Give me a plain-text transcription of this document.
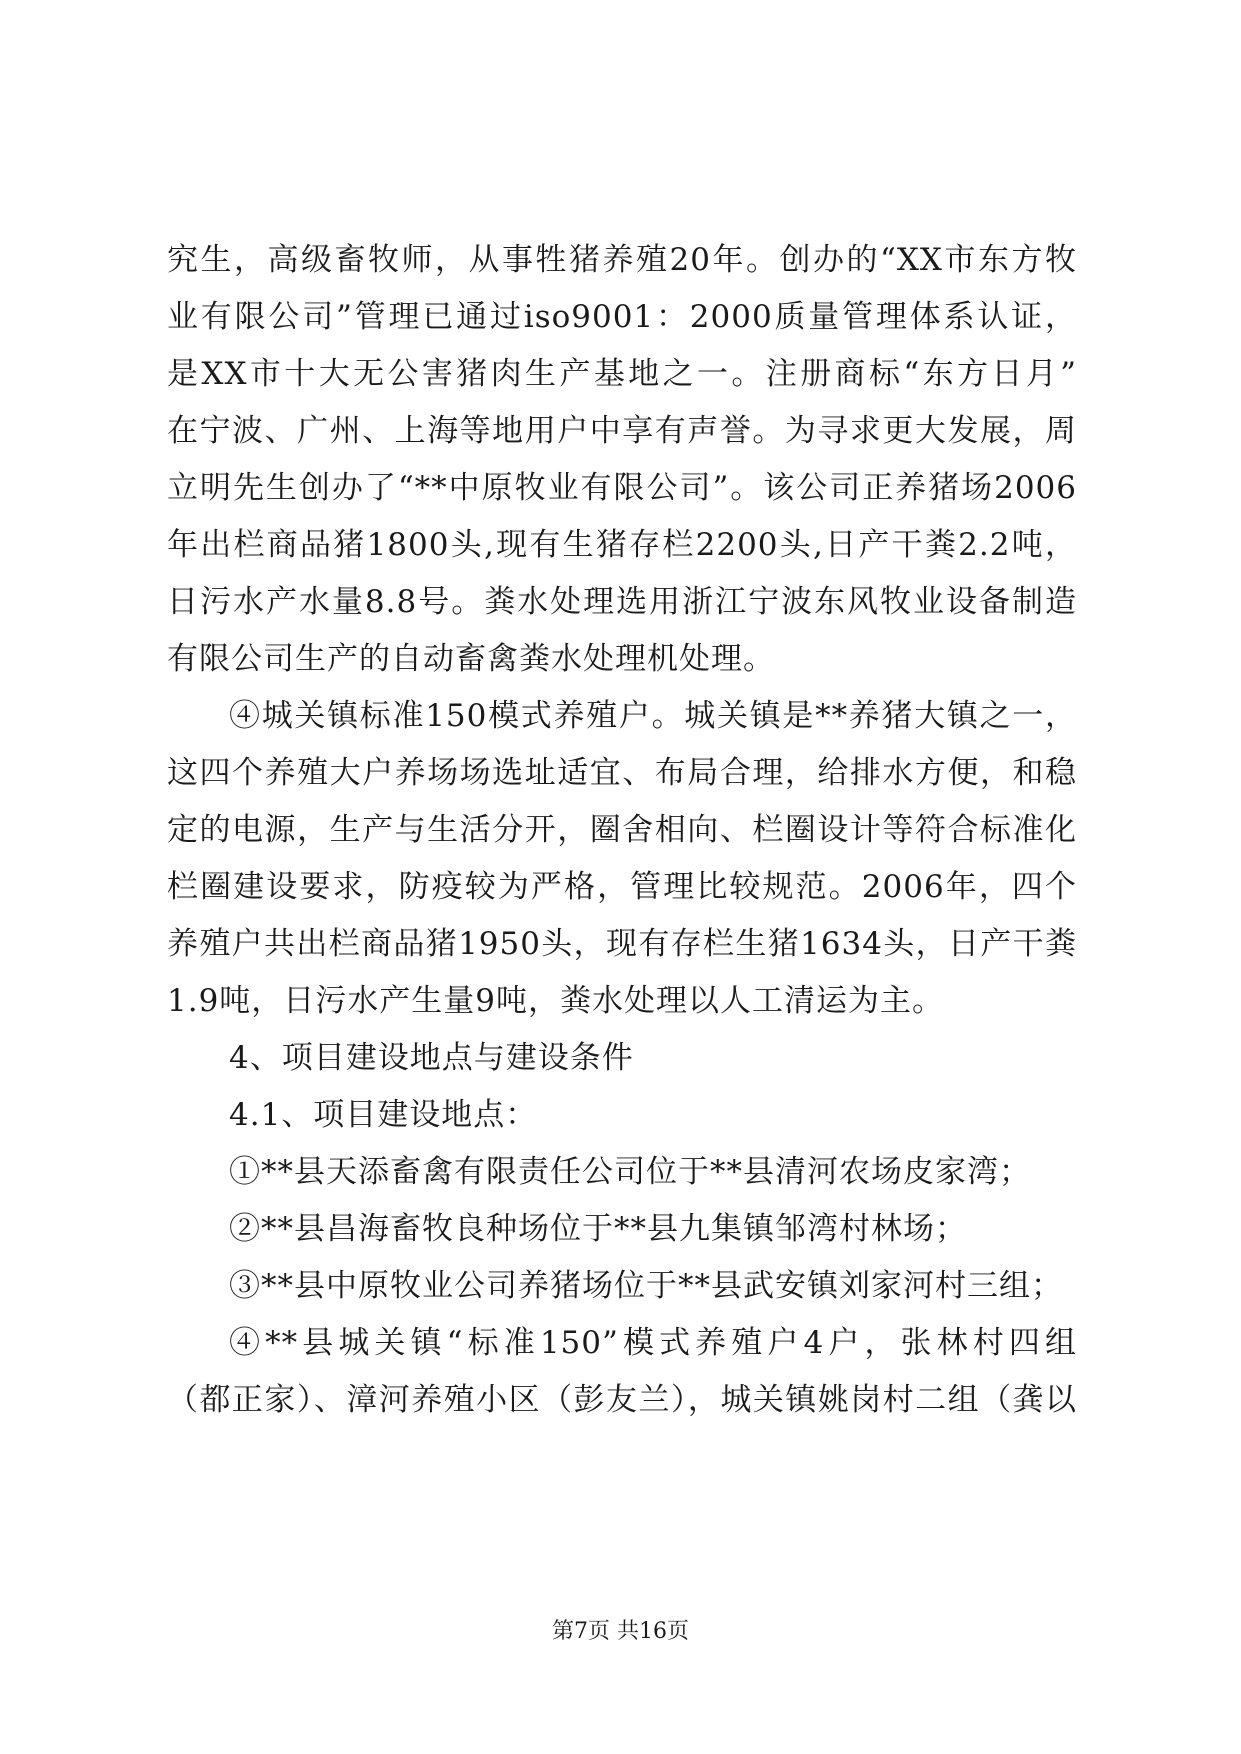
究生，高级畜牧师，从事牲猪养殖20年。创办的“XX市东方牧
业有限公司”管理已通过iso9001：2000质量管理体系认证，
是XX市十大无公害猪肉生产基地之一。注册商标“东方日月”
在宁波、广州、上海等地用户中享有声誉。为寻求更大发展，周
立明先生创办了“**中原牧业有限公司”。该公司正养猪场2006
年出栏商品猪1800头,现有生猪存栏2200头,日产干粪2.2吨，
日污水产水量8.8号。粪水处理选用浙江宁波东风牧业设备制造
有限公司生产的自动畜禽粪水处理机处理。
④城关镇标准150模式养殖户。城关镇是**养猪大镇之一，
这四个养殖大户养场场选址适宜、布局合理，给排水方便，和稳
定的电源，生产与生活分开，圈舍相向、栏圈设计等符合标准化
栏圈建设要求，防疫较为严格，管理比较规范。2006年，四个
养殖户共出栏商品猪1950头，现有存栏生猪1634头，日产干粪
1.9吨，日污水产生量9吨，粪水处理以人工清运为主。
4、项目建设地点与建设条件
4.1、项目建设地点：
①**县天添畜禽有限责任公司位于**县清河农场皮家湾；
②**县昌海畜牧良种场位于**县九集镇邹湾村林场；
③**县中原牧业公司养猪场位于**县武安镇刘家河村三组；
④**县城关镇“标准150”模式养殖户4户，张林村四组
（都正家）、漳河养殖小区（彭友兰），城关镇姚岗村二组（龚以
第7页 共16页
